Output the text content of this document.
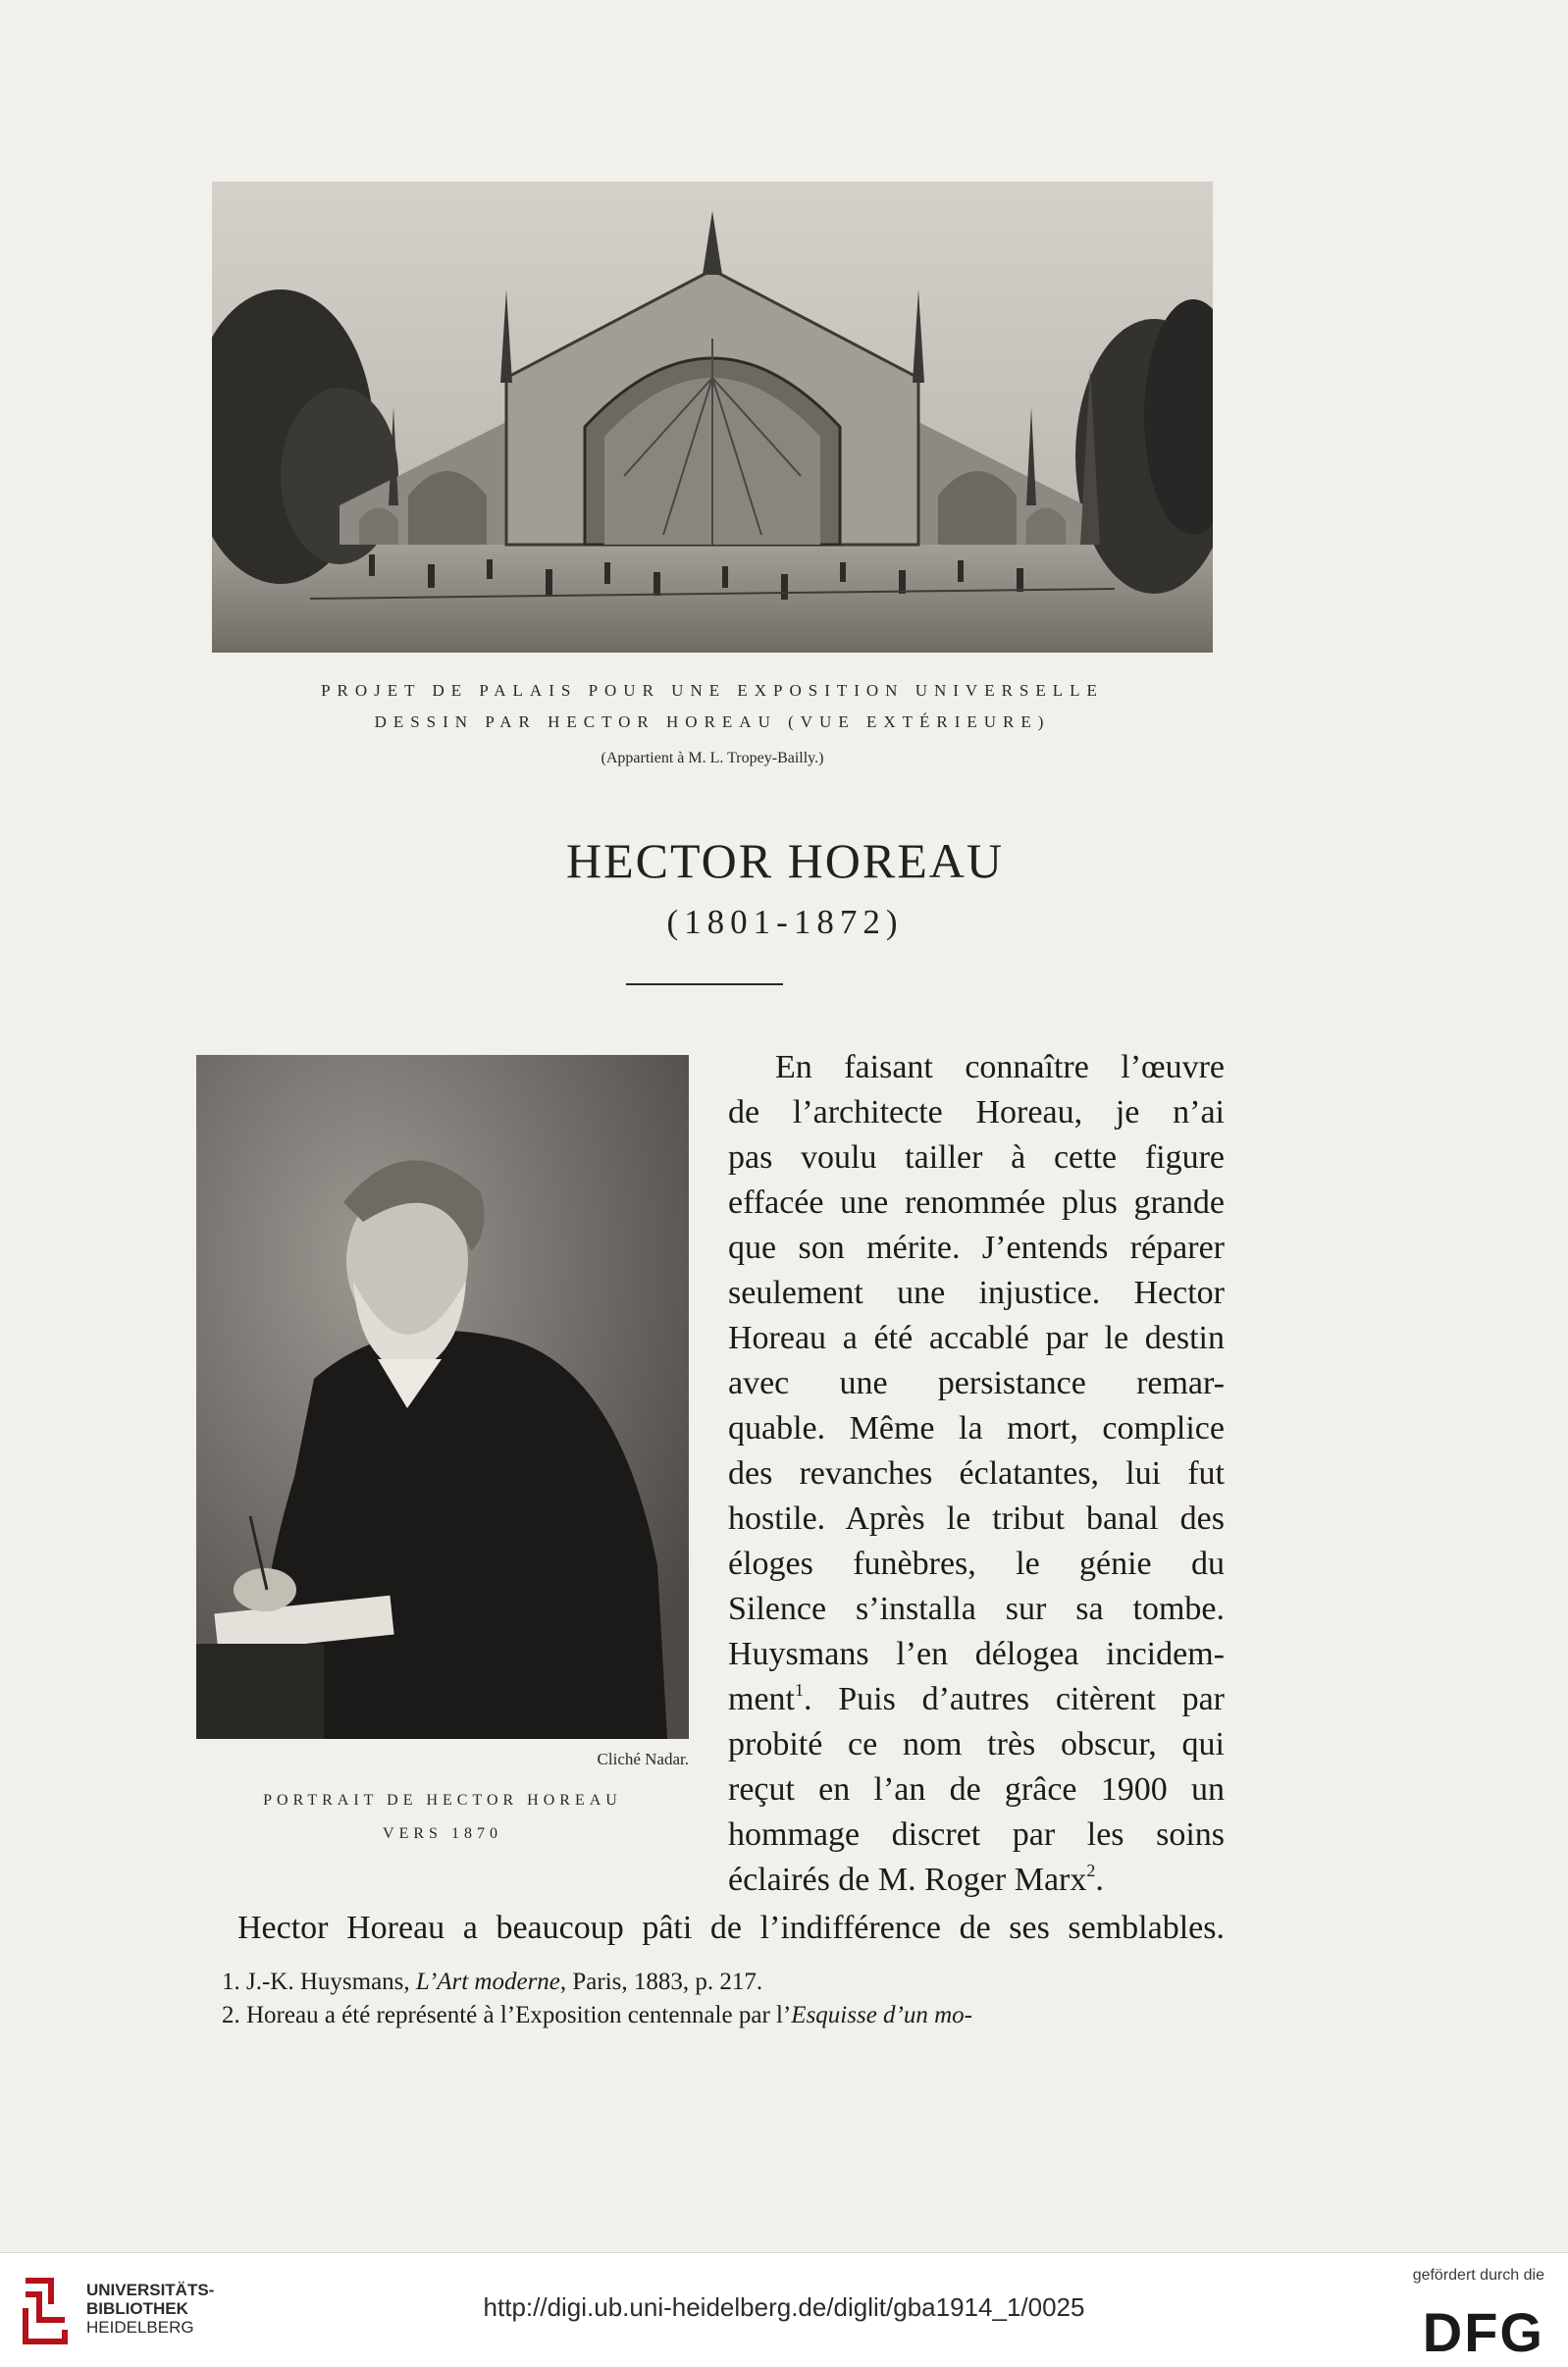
PROJET DE PALAIS POUR UNE EXPOSITION UNIVERSELLE
DESSIN PAR HECTOR HOREAU (VUE EXTÉRIEURE)
(Appartient à M. L. Tropey-Bailly.)
HECTOR HOREAU
(1801-1872)
Cliché Nadar.
PORTRAIT DE HECTOR HOREAU
VERS 1870
En faisant connaître l’œuvre
de l’architecte Horeau, je n’ai
pas voulu tailler à cette figure
effacée une renommée plus grande
que son mérite. J’entends réparer
seulement une injustice. Hector
Horeau a été accablé par le destin
avec une persistance remar-
quable. Même la mort, complice
des revanches éclatantes, lui fut
hostile. Après le tribut banal des
éloges funèbres, le génie du
Silence s’installa sur sa tombe.
Huysmans l’en délogea incidem-
ment$^1$. Puis d’autres citèrent par
probité ce nom très obscur, qui
reçut en l’an de grâce 1900 un
hommage discret par les soins
éclairés de M. Roger Marx$^2$.
Hector Horeau a beaucoup pâti de l’indifférence de ses semblables.
1. J.-K. Huysmans, L’Art moderne, Paris, 1883, p. 217.
2. Horeau a été représenté à l’Exposition centennale par l’Esquisse d’un mo-
UNIVERSITÄTS-
BIBLIOTHEK
HEIDELBERG
http://digi.ub.uni-heidelberg.de/diglit/gba1914_1/0025
gefördert durch die
DFG
